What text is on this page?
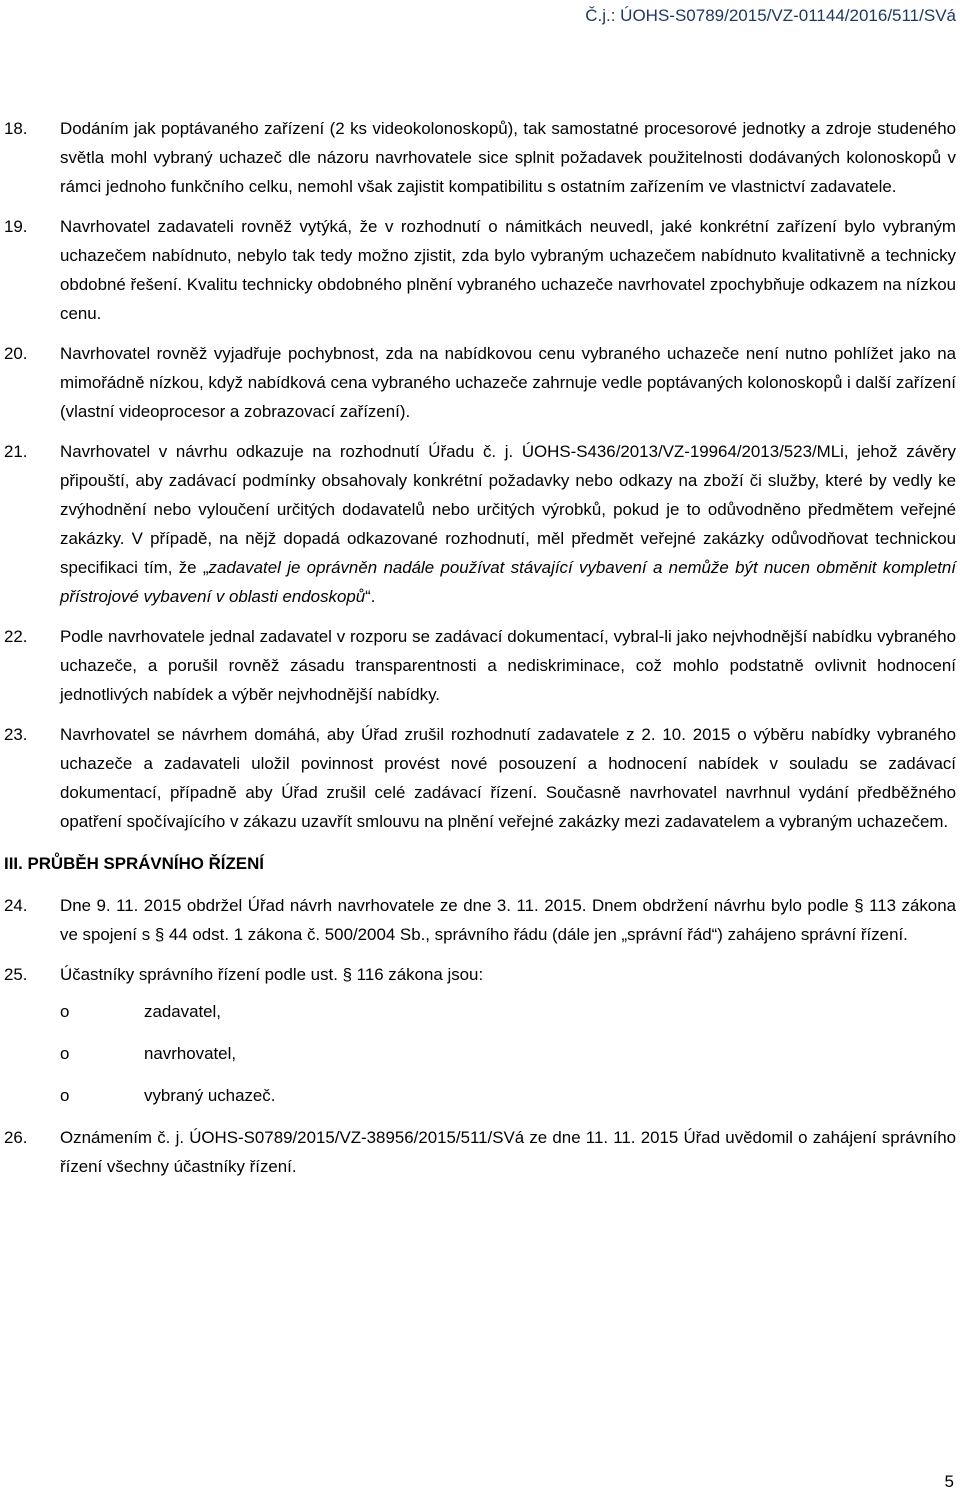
Č.j.: ÚOHS-S0789/2015/VZ-01144/2016/511/SVá
18.	Dodáním jak poptávaného zařízení (2 ks videokolonoskopů), tak samostatné procesorové jednotky a zdroje studeného světla mohl vybraný uchazeč dle názoru navrhovatele sice splnit požadavek použitelnosti dodávaných kolonoskopů v rámci jednoho funkčního celku, nemohl však zajistit kompatibilitu s ostatním zařízením ve vlastnictví zadavatele.
19.	Navrhovatel zadavateli rovněž vytýká, že v rozhodnutí o námitkách neuvedl, jaké konkrétní zařízení bylo vybraným uchazečem nabídnuto, nebylo tak tedy možno zjistit, zda bylo vybraným uchazečem nabídnuto kvalitativně a technicky obdobné řešení. Kvalitu technicky obdobného plnění vybraného uchazeče navrhovatel zpochybňuje odkazem na nízkou cenu.
20.	Navrhovatel rovněž vyjadřuje pochybnost, zda na nabídkovou cenu vybraného uchazeče není nutno pohlížet jako na mimořádně nízkou, když nabídková cena vybraného uchazeče zahrnuje vedle poptávaných kolonoskopů i další zařízení (vlastní videoprocesor a zobrazovací zařízení).
21.	Navrhovatel v návrhu odkazuje na rozhodnutí Úřadu č. j. ÚOHS-S436/2013/VZ-19964/2013/523/MLi, jehož závěry připouští, aby zadávací podmínky obsahovaly konkrétní požadavky nebo odkazy na zboží či služby, které by vedly ke zvýhodnění nebo vyloučení určitých dodavatelů nebo určitých výrobků, pokud je to odůvodněno předmětem veřejné zakázky. V případě, na nějž dopadá odkazované rozhodnutí, měl předmět veřejné zakázky odůvodňovat technickou specifikaci tím, že „zadavatel je oprávněn nadále používat stávající vybavení a nemůže být nucen obměnit kompletní přístrojové vybavení v oblasti endoskopů“.
22.	Podle navrhovatele jednal zadavatel v rozporu se zadávací dokumentací, vybral-li jako nejvhodnější nabídku vybraného uchazeče, a porušil rovněž zásadu transparentnosti a nediskriminace, což mohlo podstatně ovlivnit hodnocení jednotlivých nabídek a výběr nejvhodnější nabídky.
23.	Navrhovatel se návrhem domáhá, aby Úřad zrušil rozhodnutí zadavatele z 2. 10. 2015 o výběru nabídky vybraného uchazeče a zadavateli uložil povinnost provést nové posouzení a hodnocení nabídek v souladu se zadávací dokumentací, případně aby Úřad zrušil celé zadávací řízení. Současně navrhovatel navrhnul vydání předběžného opatření spočívajícího v zákazu uzavřít smlouvu na plnění veřejné zakázky mezi zadavatelem a vybraným uchazečem.
III. PRŮBĚH SPRÁVNÍHO ŘÍZENÍ
24.	Dne 9. 11. 2015 obdržel Úřad návrh navrhovatele ze dne 3. 11. 2015. Dnem obdržení návrhu bylo podle § 113 zákona ve spojení s § 44 odst. 1 zákona č. 500/2004 Sb., správního řádu (dále jen „správní řád“) zahájeno správní řízení.
25.	Účastníky správního řízení podle ust. § 116 zákona jsou:
o	zadavatel,
o	navrhovatel,
o	vybraný uchazeč.
26.	Oznámením č. j. ÚOHS-S0789/2015/VZ-38956/2015/511/SVá ze dne 11. 11. 2015 Úřad uvědomil o zahájení správního řízení všechny účastníky řízení.
5
